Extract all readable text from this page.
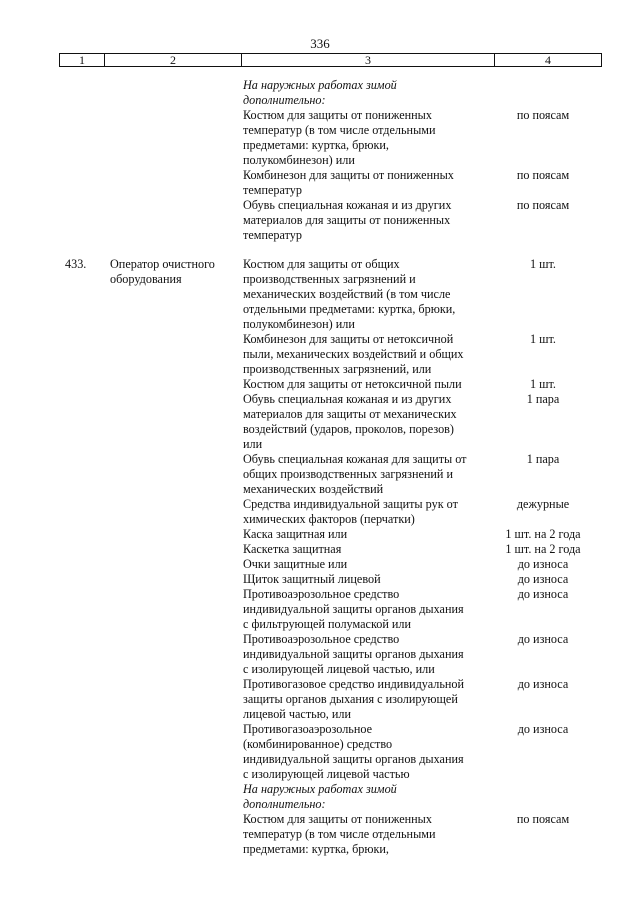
336
1	2	3	4
На наружных работах зимой
дополнительно:
Костюм для защиты от пониженных	по поясам
температур (в том числе отдельными
предметами: куртка, брюки,
полукомбинезон) или
Комбинезон для защиты от пониженных	по поясам
температур
Обувь специальная кожаная и из других	по поясам
материалов для защиты от пониженных
температур
433.	Оператор очистного	Костюм для защиты от общих	1 шт.
оборудования	производственных загрязнений и
механических воздействий (в том числе
отдельными предметами: куртка, брюки,
полукомбинезон) или
Комбинезон для защиты от нетоксичной	1 шт.
пыли, механических воздействий и общих
производственных загрязнений, или
Костюм для защиты от нетоксичной пыли	1 шт.
Обувь специальная кожаная и из других	1 пара
материалов для защиты от механических
воздействий (ударов, проколов, порезов)
или
Обувь специальная кожаная для защиты от	1 пара
общих производственных загрязнений и
механических воздействий
Средства индивидуальной защиты рук от	дежурные
химических факторов (перчатки)
Каска защитная или	1 шт. на 2 года
Каскетка защитная	1 шт. на 2 года
Очки защитные или	до износа
Щиток защитный лицевой	до износа
Противоаэрозольное средство	до износа
индивидуальной защиты органов дыхания
с фильтрующей полумаской или
Противоаэрозольное средство	до износа
индивидуальной защиты органов дыхания
с изолирующей лицевой частью, или
Противогазовое средство индивидуальной	до износа
защиты органов дыхания с изолирующей
лицевой частью, или
Противогазоаэрозольное	до износа
(комбинированное) средство
индивидуальной защиты органов дыхания
с изолирующей лицевой частью
На наружных работах зимой
дополнительно:
Костюм для защиты от пониженных	по поясам
температур (в том числе отдельными
предметами: куртка, брюки,
